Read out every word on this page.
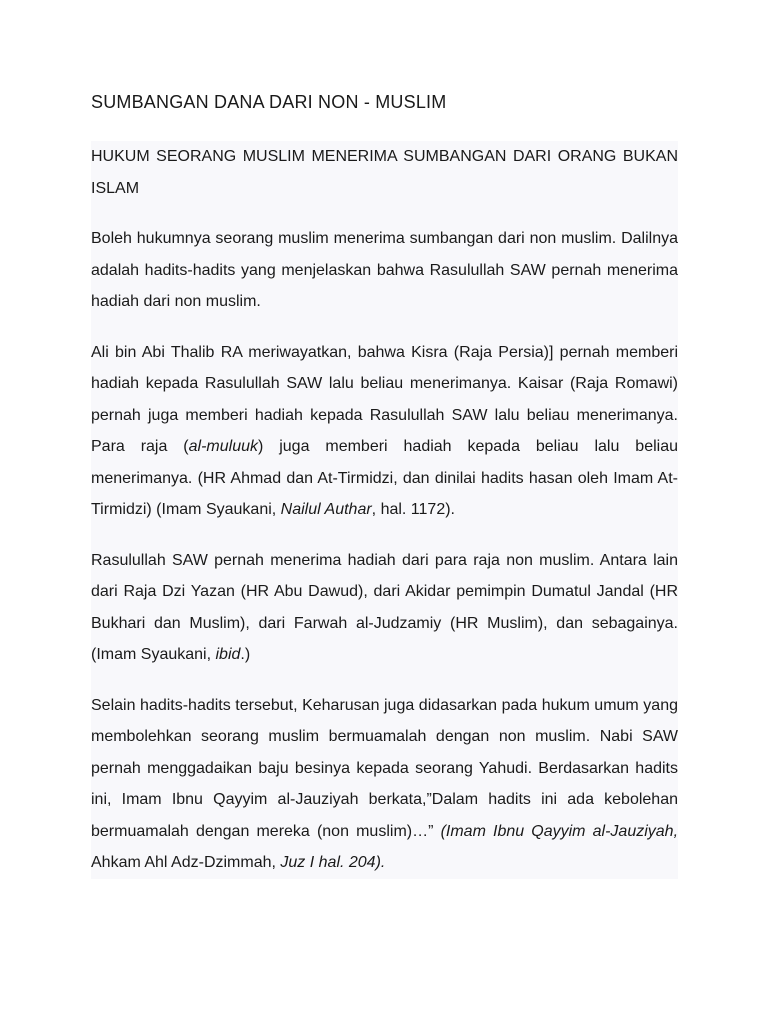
SUMBANGAN DANA DARI NON - MUSLIM

HUKUM SEORANG MUSLIM MENERIMA SUMBANGAN DARI ORANG BUKAN ISLAM

Boleh hukumnya seorang muslim menerima sumbangan dari non muslim. Dalilnya adalah hadits-hadits yang menjelaskan bahwa Rasulullah SAW pernah menerima hadiah dari non muslim.

Ali bin Abi Thalib RA meriwayatkan, bahwa Kisra (Raja Persia)] pernah memberi hadiah kepada Rasulullah SAW lalu beliau menerimanya. Kaisar (Raja Romawi) pernah juga memberi hadiah kepada Rasulullah SAW lalu beliau menerimanya. Para raja (al-muluuk) juga memberi hadiah kepada beliau lalu beliau menerimanya. (HR Ahmad dan At-Tirmidzi, dan dinilai hadits hasan oleh Imam At-Tirmidzi) (Imam Syaukani, Nailul Authar, hal. 1172).

Rasulullah SAW pernah menerima hadiah dari para raja non muslim. Antara lain dari Raja Dzi Yazan (HR Abu Dawud), dari Akidar pemimpin Dumatul Jandal (HR Bukhari dan Muslim), dari Farwah al-Judzamiy (HR Muslim), dan sebagainya. (Imam Syaukani, ibid.)

Selain hadits-hadits tersebut, Keharusan juga didasarkan pada hukum umum yang membolehkan seorang muslim bermuamalah dengan non muslim. Nabi SAW pernah menggadaikan baju besinya kepada seorang Yahudi. Berdasarkan hadits ini, Imam Ibnu Qayyim al-Jauziyah berkata,”Dalam hadits ini ada kebolehan bermuamalah dengan mereka (non muslim)…” (Imam Ibnu Qayyim al-Jauziyah, Ahkam Ahl Adz-Dzimmah, Juz I hal. 204).
